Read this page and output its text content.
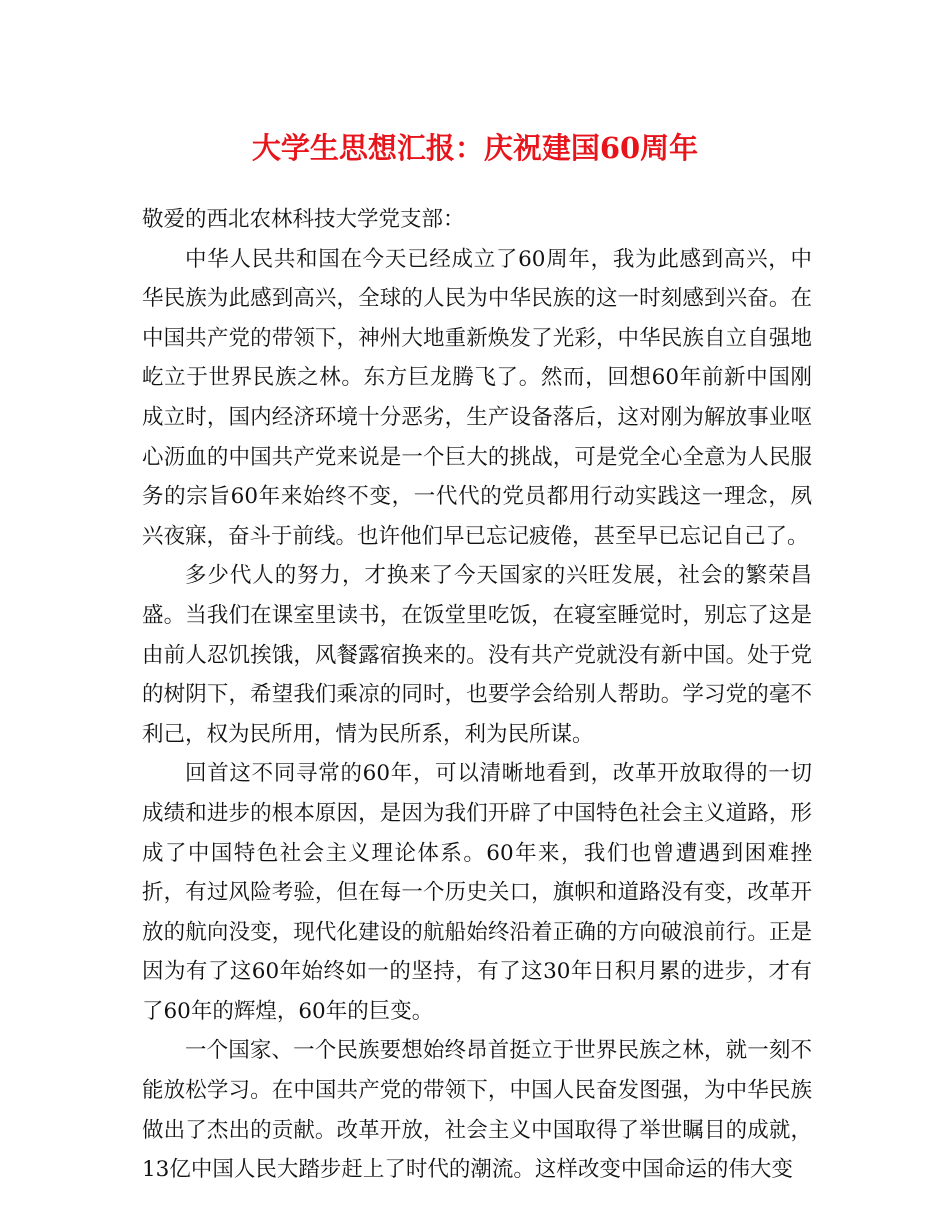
大学生思想汇报：庆祝建国60周年

敬爱的西北农林科技大学党支部：

中华人民共和国在今天已经成立了60周年，我为此感到高兴，中华民族为此感到高兴，全球的人民为中华民族的这一时刻感到兴奋。在中国共产党的带领下，神州大地重新焕发了光彩，中华民族自立自强地屹立于世界民族之林。东方巨龙腾飞了。然而，回想60年前新中国刚成立时，国内经济环境十分恶劣，生产设备落后，这对刚为解放事业呕心沥血的中国共产党来说是一个巨大的挑战，可是党全心全意为人民服务的宗旨60年来始终不变，一代代的党员都用行动实践这一理念，夙兴夜寐，奋斗于前线。也许他们早已忘记疲倦，甚至早已忘记自己了。

多少代人的努力，才换来了今天国家的兴旺发展，社会的繁荣昌盛。当我们在课室里读书，在饭堂里吃饭，在寝室睡觉时，别忘了这是由前人忍饥挨饿，风餐露宿换来的。没有共产党就没有新中国。处于党的树阴下，希望我们乘凉的同时，也要学会给别人帮助。学习党的毫不利己，权为民所用，情为民所系，利为民所谋。

回首这不同寻常的60年，可以清晰地看到，改革开放取得的一切成绩和进步的根本原因，是因为我们开辟了中国特色社会主义道路，形成了中国特色社会主义理论体系。60年来，我们也曾遭遇到困难挫折，有过风险考验，但在每一个历史关口，旗帜和道路没有变，改革开放的航向没变，现代化建设的航船始终沿着正确的方向破浪前行。正是因为有了这60年始终如一的坚持，有了这30年日积月累的进步，才有了60年的辉煌，60年的巨变。

一个国家、一个民族要想始终昂首挺立于世界民族之林，就一刻不能放松学习。在中国共产党的带领下，中国人民奋发图强，为中华民族做出了杰出的贡献。改革开放，社会主义中国取得了举世瞩目的成就，13亿中国人民大踏步赶上了时代的潮流。这样改变中国命运的伟大变
